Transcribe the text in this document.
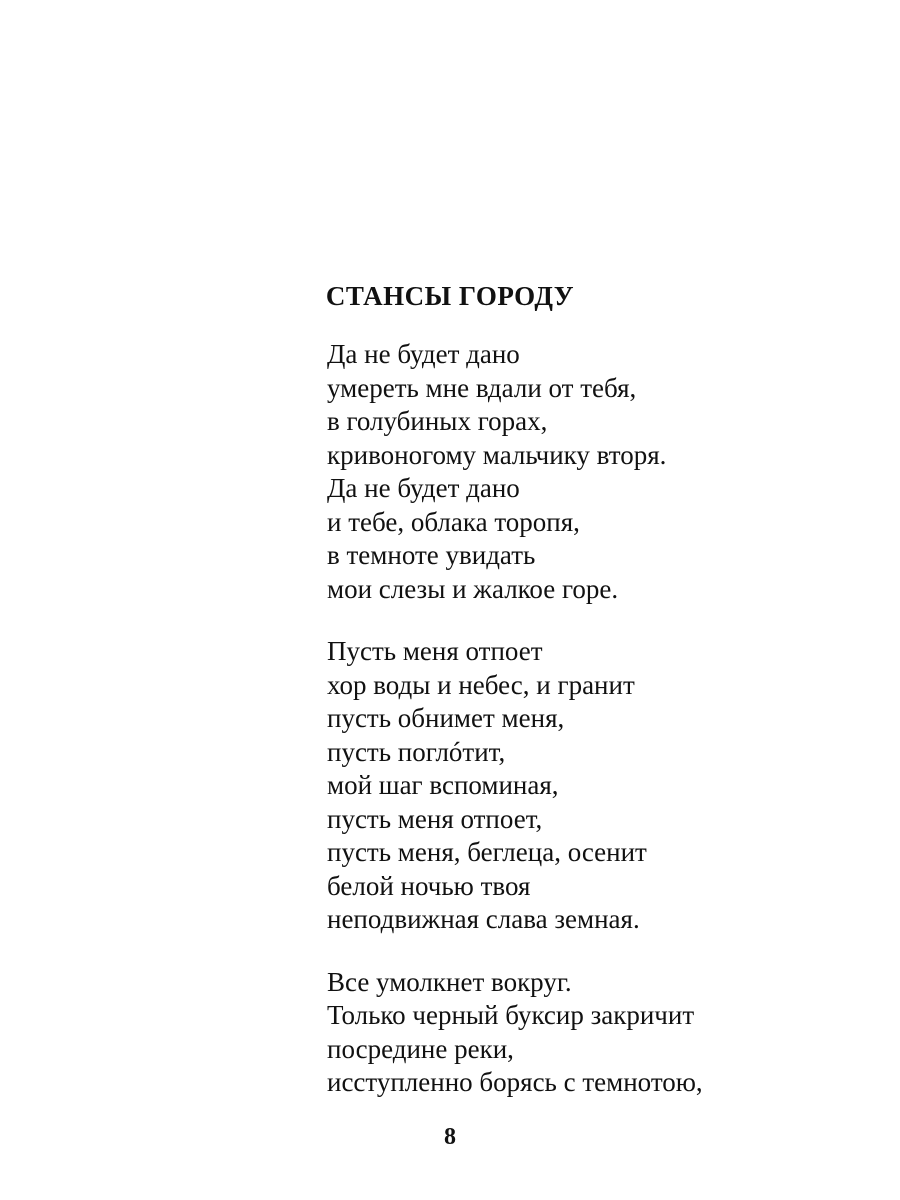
СТАНСЫ ГОРОДУ
Да не будет дано
умереть мне вдали от тебя,
в голубиных горах,
кривоногому мальчику вторя.
Да не будет дано
и тебе, облака торопя,
в темноте увидать
мои слезы и жалкое горе.
Пусть меня отпоет
хор воды и небес, и гранит
пусть обнимет меня,
пусть поглóтит,
мой шаг вспоминая,
пусть меня отпоет,
пусть меня, беглеца, осенит
белой ночью твоя
неподвижная слава земная.
Все умолкнет вокруг.
Только черный буксир закричит
посредине реки,
исступленно борясь с темнотою,
8
